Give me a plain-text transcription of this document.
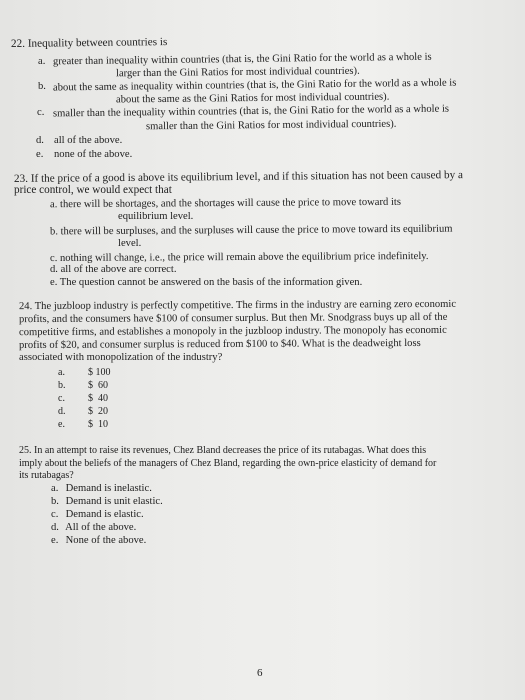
22. Inequality between countries is
a. greater than inequality within countries (that is, the Gini Ratio for the world as a whole is
larger than the Gini Ratios for most individual countries).
b. about the same as inequality within countries (that is, the Gini Ratio for the world as a whole is
about the same as the Gini Ratios for most individual countries).
c. smaller than the inequality within countries (that is, the Gini Ratio for the world as a whole is
smaller than the Gini Ratios for most individual countries).
d. all of the above.
e. none of the above.
23. If the price of a good is above its equilibrium level, and if this situation has not been caused by a
price control, we would expect that
a. there will be shortages, and the shortages will cause the price to move toward its
equilibrium level.
b. there will be surpluses, and the surpluses will cause the price to move toward its equilibrium
level.
c. nothing will change, i.e., the price will remain above the equilibrium price indefinitely.
d. all of the above are correct.
e. The question cannot be answered on the basis of the information given.
24. The juzbloop industry is perfectly competitive. The firms in the industry are earning zero economic
profits, and the consumers have $100 of consumer surplus. But then Mr. Snodgrass buys up all of the
competitive firms, and establishes a monopoly in the juzbloop industry. The monopoly has economic
profits of $20, and consumer surplus is reduced from $100 to $40. What is the deadweight loss
associated with monopolization of the industry?
a. $ 100
b. $  60
c. $  40
d. $  20
e. $  10
25. In an attempt to raise its revenues, Chez Bland decreases the price of its rutabagas. What does this
imply about the beliefs of the managers of Chez Bland, regarding the own-price elasticity of demand for
its rutabagas?
a. Demand is inelastic.
b. Demand is unit elastic.
c. Demand is elastic.
d. All of the above.
e. None of the above.
6
